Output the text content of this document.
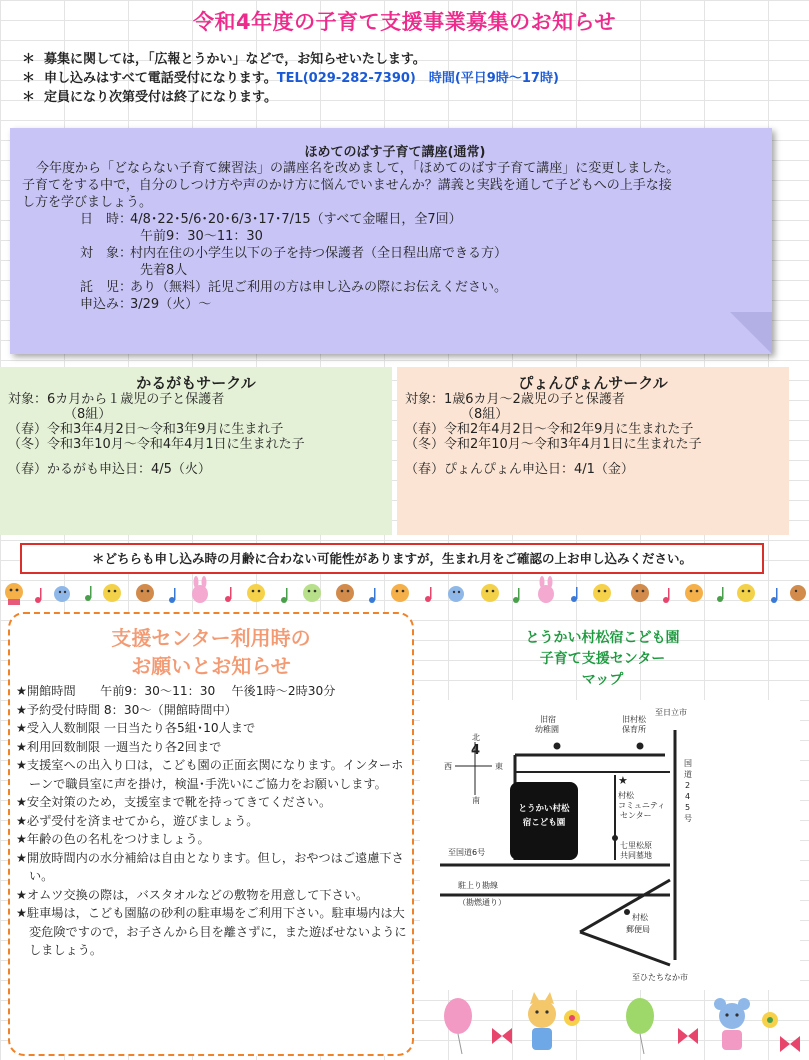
令和4年度の子育て支援事業募集のお知らせ
＊ 募集に関しては，「広報とうかい」などで，お知らせいたします。
＊ 申し込みはすべて電話受付になります。TEL(029-282-7390)　時間(平日9時～17時)
＊ 定員になり次第受付は終了になります。
ほめてのばす子育て講座(通常)
今年度から「どならない子育て練習法」の講座名を改めまして，「ほめてのばす子育て講座」に変更しました。
子育てをする中で，自分のしつけ方や声のかけ方に悩んでいませんか？講義と実践を通して子どもへの上手な接
し方を学びましょう。
日　時：4/8･22･5/6･20･6/3･17･7/15（すべて金曜日，全7回）
午前9：30～11：30
対　象：村内在住の小学生以下の子を持つ保護者（全日程出席できる方）
先着8人
託　児：あり（無料）託児ご利用の方は申し込みの際にお伝えください。
申込み：3/29（火）～
かるがもサークル
対象：6カ月から１歳児の子と保護者
（8組）
（春）令和3年4月2日～令和3年9月に生まれ子
（冬）令和3年10月～令和4年4月1日に生まれた子
（春）かるがも申込日：4/5（火）
ぴょんぴょんサークル
対象：1歳6カ月～2歳児の子と保護者
（8組）
（春）令和2年4月2日～令和2年9月に生まれた子
（冬）令和2年10月～令和3年4月1日に生まれた子
（春）ぴょんぴょん申込日：4/1（金）
＊どちらも申し込み時の月齢に合わない可能性がありますが，生まれ月をご確認の上お申し込みください。
支援センター利用時の
お願いとお知らせ
★開館時間　　午前9：30～11：30　 午後1時～2時30分
★予約受付時間 8：30～（開館時間中）
★受入人数制限 一日当たり各5組･10人まで
★利用回数制限 一週当たり各2回まで
★支援室への出入り口は，こども園の正面玄関になります。インターホーンで職員室に声を掛け，検温･手洗いにご協力をお願いします。
★安全対策のため，支援室まで靴を持ってきてください。
★必ず受付を済ませてから，遊びましょう。
★年齢の色の名札をつけましょう。
★開放時間内の水分補給は自由となります。但し，おやつはご遠慮下さい。
★オムツ交換の際は，バスタオルなどの敷物を用意して下さい。
★駐車場は，こども園脇の砂利の駐車場をご利用下さい。駐車場内は大変危険ですので，お子さんから目を離さずに，また遊ばせないようにしましょう。
とうかい村松宿こども園
子育て支援センター
マップ
北
南
東
西
4
旧宿
幼稚園
旧村松
保育所
至日立市
国
道
2
4
5
号
とうかい村松
宿こども園
★
村松
コミュニティ
センター
七里松原
共同墓地
至国道6号
駐上り勘線
（勘燃通り）
村松
郵便局
至ひたちなか市
